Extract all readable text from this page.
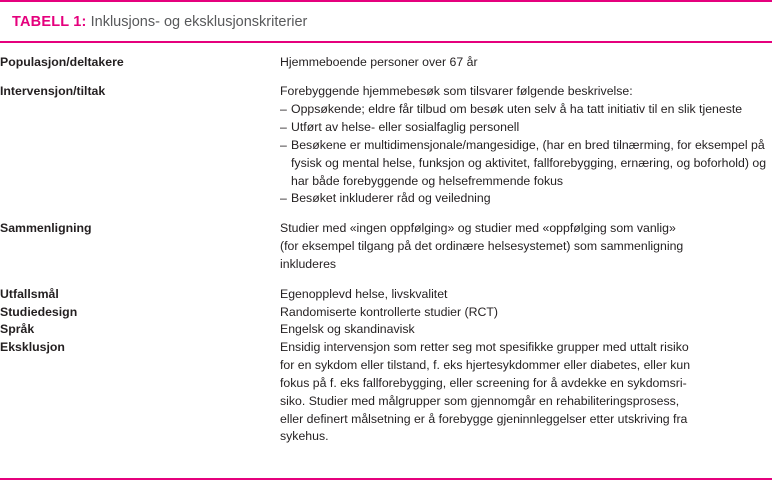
TABELL 1: Inklusjons- og eksklusjonskriterier
Populasjon/deltakere	Hjemmeboende personer over 67 år

Intervensjon/tiltak	Forebyggende hjemmebesøk som tilsvarer følgende beskrivelse:
– Oppsøkende; eldre får tilbud om besøk uten selv å ha tatt initiativ til en slik tjeneste
– Utført av helse- eller sosialfaglig personell
– Besøkene er multidimensjonale/mangesidige, (har en bred tilnærming, for eksempel på fysisk og mental helse, funksjon og aktivitet, fallforebygging, ernæring, og boforhold) og har både forebyggende og helsefremmende fokus
– Besøket inkluderer råd og veiledning

Sammenligning	Studier med «ingen oppfølging» og studier med «oppfølging som vanlig»
(for eksempel tilgang på det ordinære helsesystemet) som sammenligning
inkluderes

Utfallsmål	Egenopplevd helse, livskvalitet

Studiedesign	Randomiserte kontrollerte studier (RCT)

Språk	Engelsk og skandinavisk

Eksklusjon	Ensidig intervensjon som retter seg mot spesifikke grupper med uttalt risiko
for en sykdom eller tilstand, f. eks hjertesykdommer eller diabetes, eller kun
fokus på f. eks fallforebygging, eller screening for å avdekke en sykdomsri-
siko. Studier med målgrupper som gjennomgår en rehabiliteringsprosess,
eller definert målsetning er å forebygge gjeninnleggelser etter utskriving fra
sykehus.
